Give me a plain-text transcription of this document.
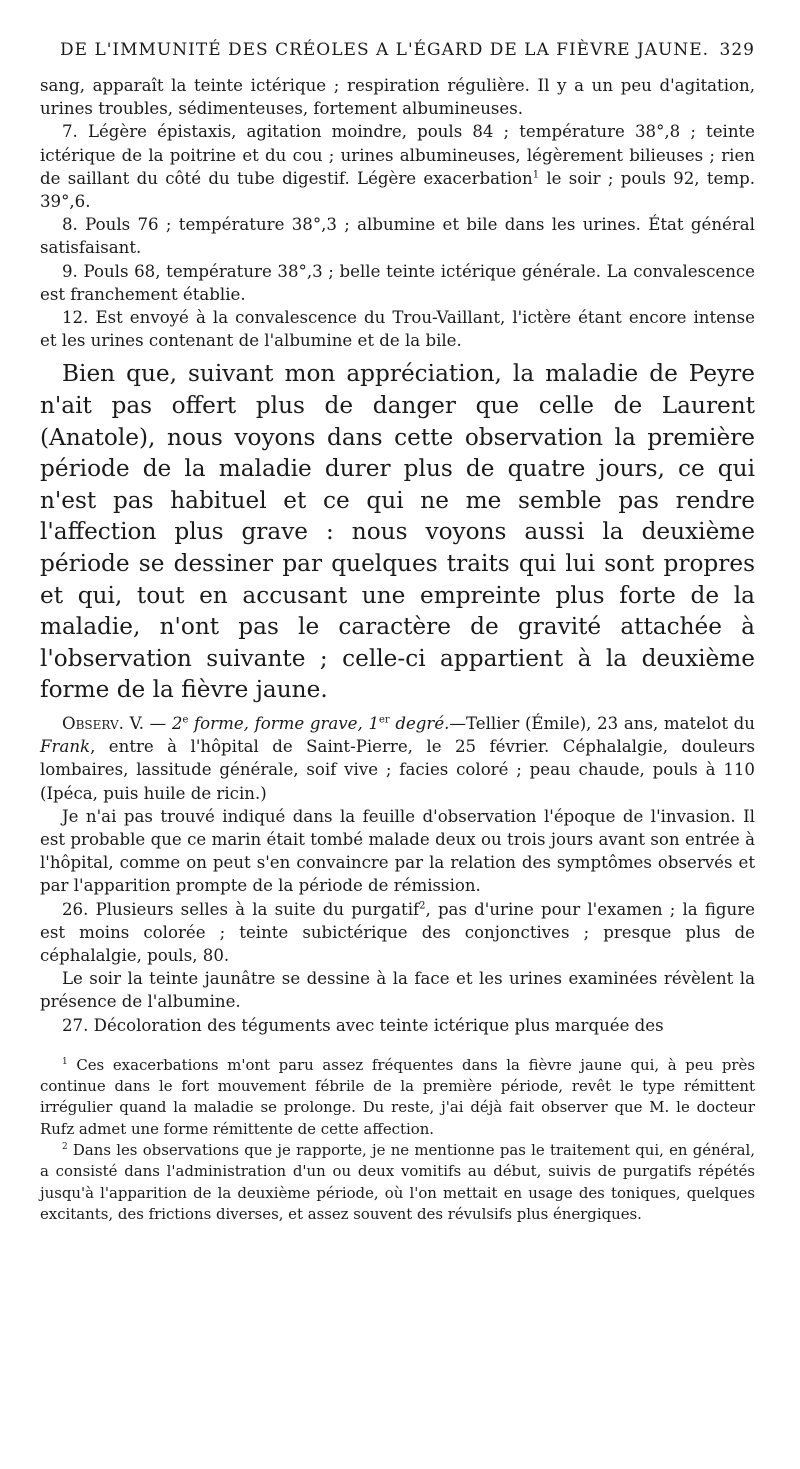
DE L'IMMUNITÉ DES CRÉOLES A L'ÉGARD DE LA FIÈVRE JAUNE. 329

sang, apparaît la teinte ictérique ; respiration régulière. Il y a un peu d'agitation, urines troubles, sédimenteuses, fortement albumineuses.

7. Légère épistaxis, agitation moindre, pouls 84 ; température 38°,8 ; teinte ictérique de la poitrine et du cou ; urines albumineuses, légèrement bilieuses ; rien de saillant du côté du tube digestif. Légère exacerbation$^1$ le soir ; pouls 92, temp. 39°,6.

8. Pouls 76 ; température 38°,3 ; albumine et bile dans les urines. État général satisfaisant.

9. Pouls 68, température 38°,3 ; belle teinte ictérique générale. La convalescence est franchement établie.

12. Est envoyé à la convalescence du Trou-Vaillant, l'ictère étant encore intense et les urines contenant de l'albumine et de la bile.

Bien que, suivant mon appréciation, la maladie de Peyre n'ait pas offert plus de danger que celle de Laurent (Anatole), nous voyons dans cette observation la première période de la maladie durer plus de quatre jours, ce qui n'est pas habituel et ce qui ne me semble pas rendre l'affection plus grave : nous voyons aussi la deuxième période se dessiner par quelques traits qui lui sont propres et qui, tout en accusant une empreinte plus forte de la maladie, n'ont pas le caractère de gravité attachée à l'observation suivante ; celle-ci appartient à la deuxième forme de la fièvre jaune.

Observ. V. — 2e forme, forme grave, 1er degré.—Tellier (Émile), 23 ans, matelot du Frank, entre à l'hôpital de Saint-Pierre, le 25 février. Céphalalgie, douleurs lombaires, lassitude générale, soif vive ; facies coloré ; peau chaude, pouls à 110 (Ipéca, puis huile de ricin.)

Je n'ai pas trouvé indiqué dans la feuille d'observation l'époque de l'invasion. Il est probable que ce marin était tombé malade deux ou trois jours avant son entrée à l'hôpital, comme on peut s'en convaincre par la relation des symptômes observés et par l'apparition prompte de la période de rémission.

26. Plusieurs selles à la suite du purgatif$^2$, pas d'urine pour l'examen ; la figure est moins colorée ; teinte subictérique des conjonctives ; presque plus de céphalalgie, pouls, 80.

Le soir la teinte jaunâtre se dessine à la face et les urines examinées révèlent la présence de l'albumine.

27. Décoloration des téguments avec teinte ictérique plus marquée des

$^1$ Ces exacerbations m'ont paru assez fréquentes dans la fièvre jaune qui, à peu près continue dans le fort mouvement fébrile de la première période, revêt le type rémittent irrégulier quand la maladie se prolonge. Du reste, j'ai déjà fait observer que M. le docteur Rufz admet une forme rémittente de cette affection.

$^2$ Dans les observations que je rapporte, je ne mentionne pas le traitement qui, en général, a consisté dans l'administration d'un ou deux vomitifs au début, suivis de purgatifs répétés jusqu'à l'apparition de la deuxième période, où l'on mettait en usage des toniques, quelques excitants, des frictions diverses, et assez souvent des révulsifs plus énergiques.
